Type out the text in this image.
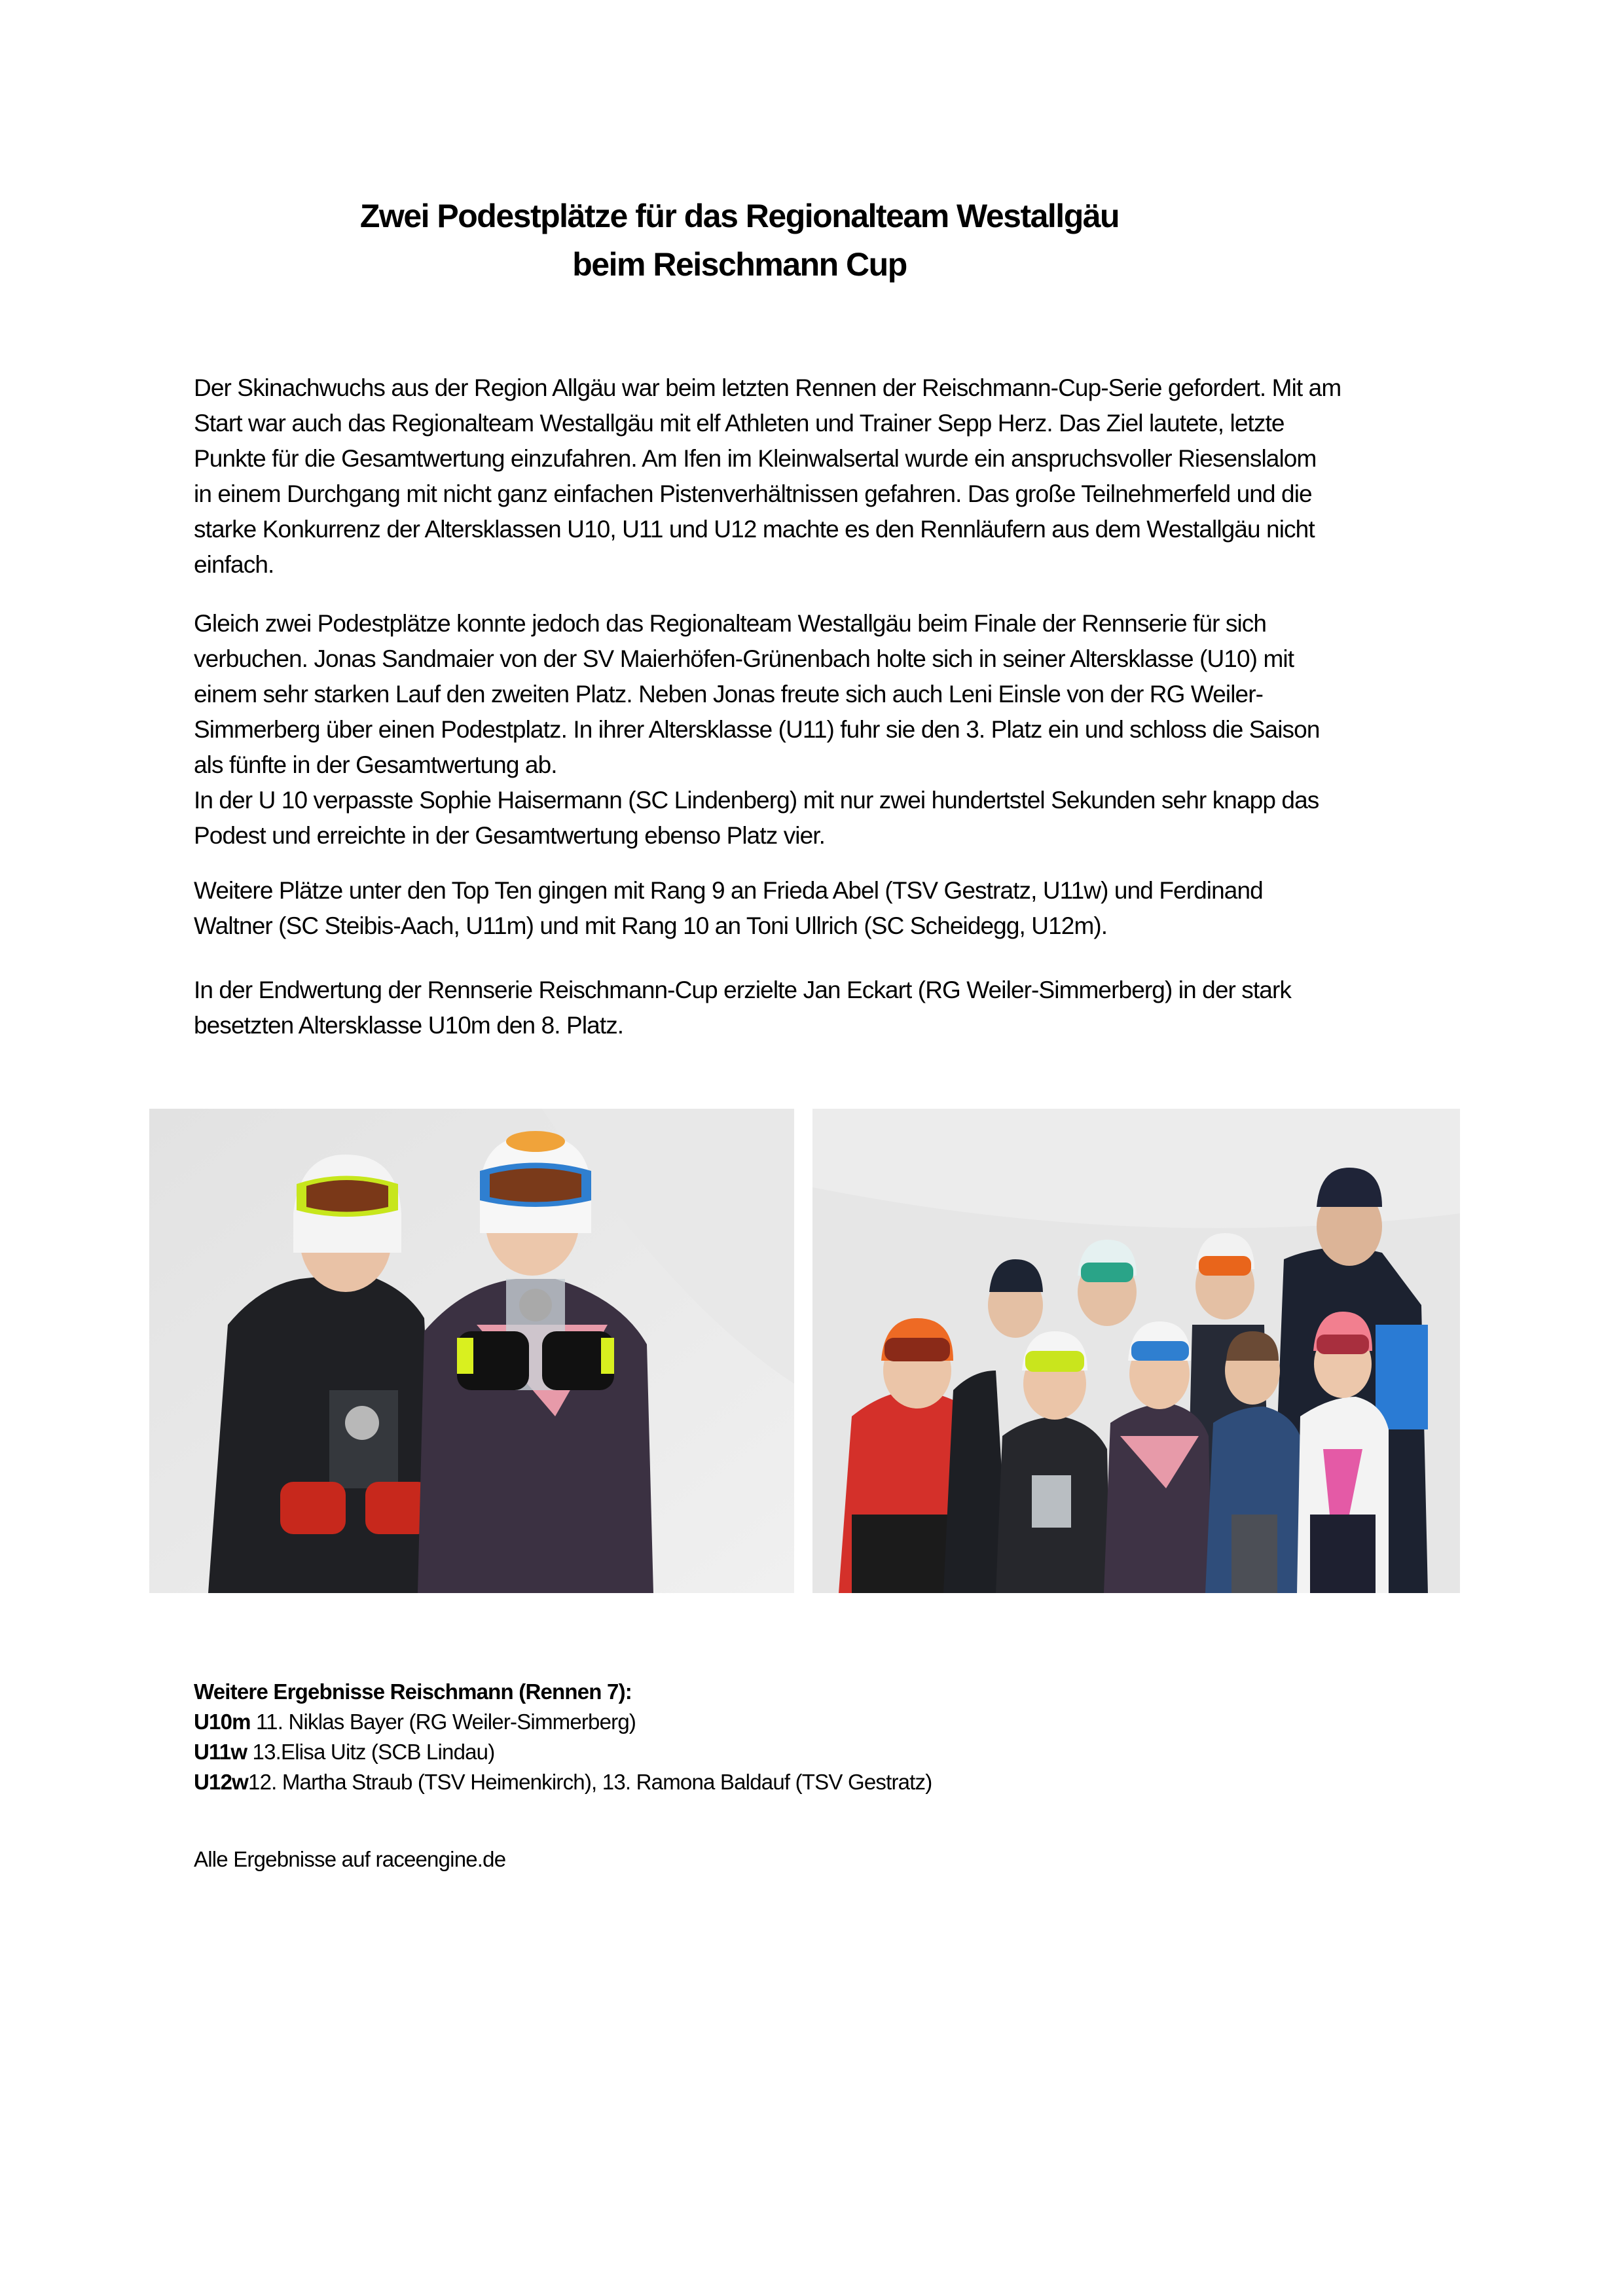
Zwei Podestplätze für das Regionalteam Westallgäu
beim Reischmann Cup

Der Skinachwuchs aus der Region Allgäu war beim letzten Rennen der Reischmann-Cup-Serie gefordert. Mit am
Start war auch das Regionalteam Westallgäu mit elf Athleten und Trainer Sepp Herz. Das Ziel lautete, letzte
Punkte für die Gesamtwertung einzufahren. Am Ifen im Kleinwalsertal wurde ein anspruchsvoller Riesenslalom
in einem Durchgang mit nicht ganz einfachen Pistenverhältnissen gefahren. Das große Teilnehmerfeld und die
starke Konkurrenz der Altersklassen U10, U11 und U12 machte es den Rennläufern aus dem Westallgäu nicht
einfach.

Gleich zwei Podestplätze konnte jedoch das Regionalteam Westallgäu beim Finale der Rennserie für sich
verbuchen. Jonas Sandmaier von der SV Maierhöfen-Grünenbach holte sich in seiner Altersklasse (U10) mit
einem sehr starken Lauf den zweiten Platz. Neben Jonas freute sich auch Leni Einsle von der RG Weiler-
Simmerberg über einen Podestplatz. In ihrer Altersklasse (U11) fuhr sie den 3. Platz ein und schloss die Saison
als fünfte in der Gesamtwertung ab.
In der U 10 verpasste Sophie Haisermann (SC Lindenberg) mit nur zwei hundertstel Sekunden sehr knapp das
Podest und erreichte in der Gesamtwertung ebenso Platz vier.

Weitere Plätze unter den Top Ten gingen mit Rang 9 an Frieda Abel (TSV Gestratz, U11w) und Ferdinand
Waltner (SC Steibis-Aach, U11m) und mit Rang 10 an Toni Ullrich (SC Scheidegg, U12m).

In der Endwertung der Rennserie Reischmann-Cup erzielte Jan Eckart (RG Weiler-Simmerberg) in der stark
besetzten Altersklasse U10m den 8. Platz.

Weitere Ergebnisse Reischmann (Rennen 7):
U10m 11. Niklas Bayer (RG Weiler-Simmerberg)
U11w 13.Elisa Uitz (SCB Lindau)
U12w12. Martha Straub (TSV Heimenkirch), 13. Ramona Baldauf (TSV Gestratz)
Alle Ergebnisse auf raceengine.de
